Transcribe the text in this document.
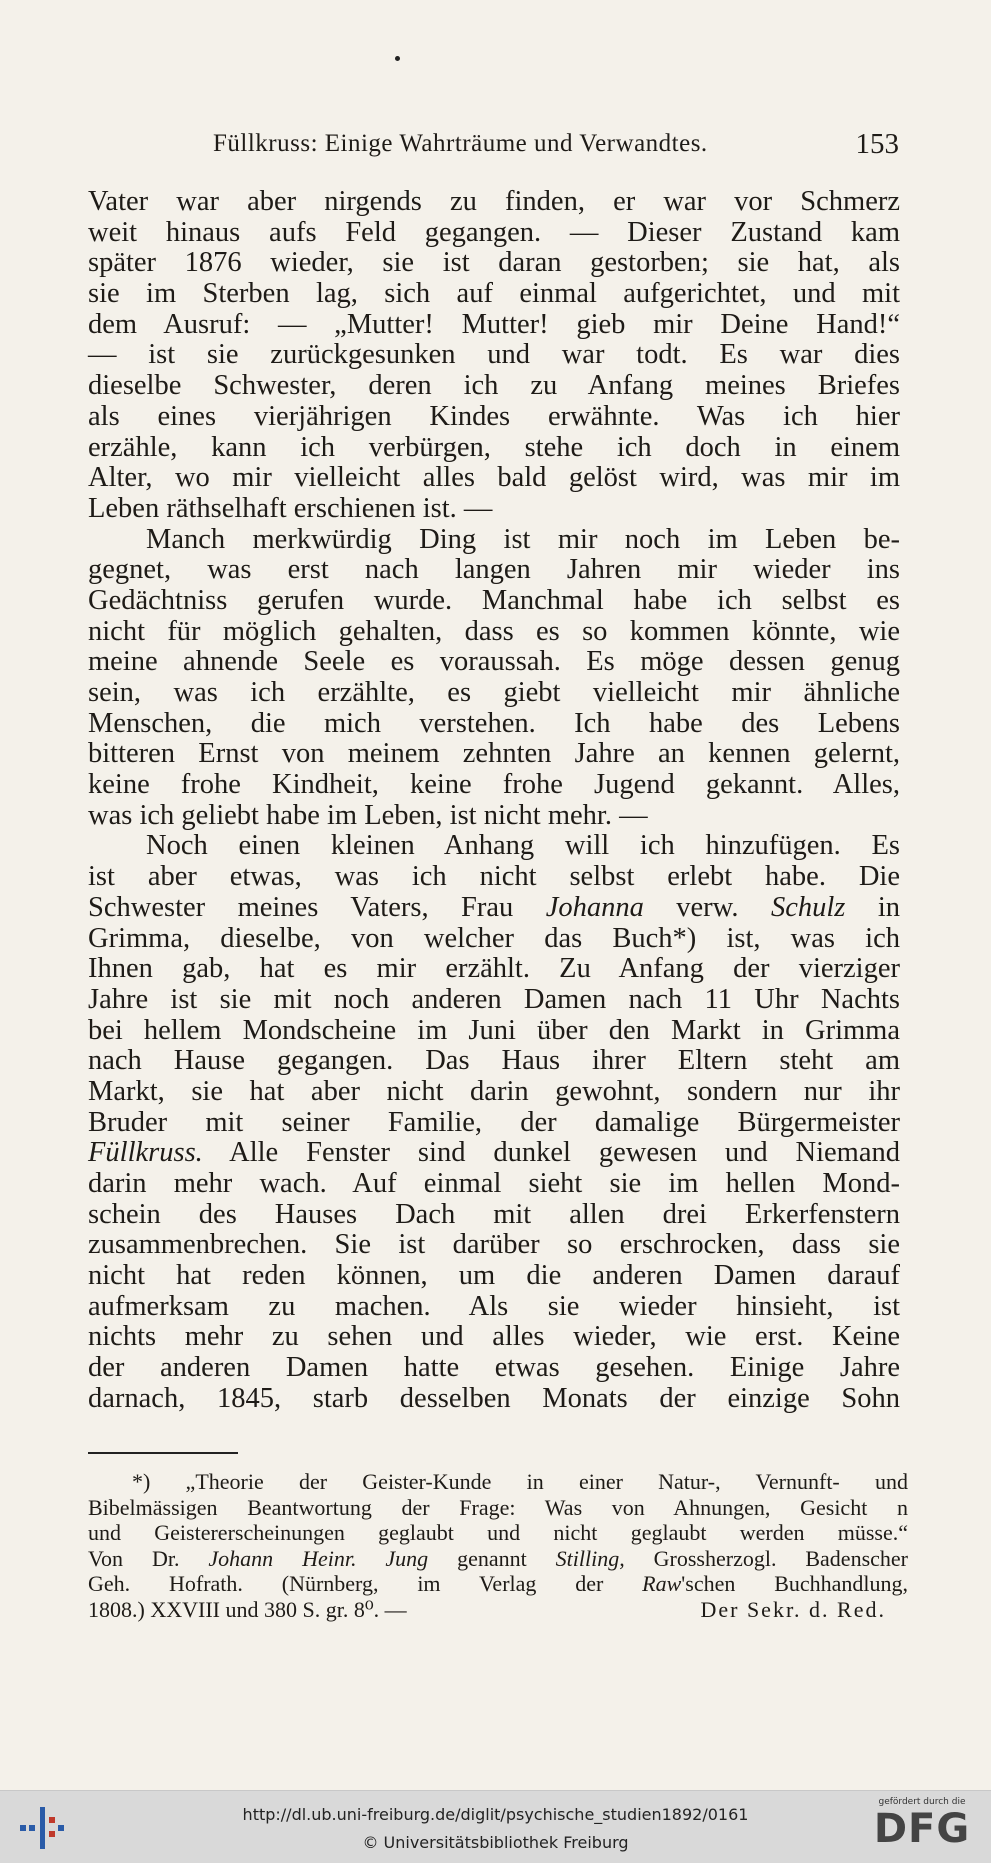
Füllkruss: Einige Wahrträume und Verwandtes.	153
Vater war aber nirgends zu finden, er war vor Schmerz
weit hinaus aufs Feld gegangen. — Dieser Zustand kam
später 1876 wieder, sie ist daran gestorben; sie hat, als
sie im Sterben lag, sich auf einmal aufgerichtet, und mit
dem Ausruf: — „Mutter! Mutter! gieb mir Deine Hand!“
— ist sie zurückgesunken und war todt. Es war dies
dieselbe Schwester, deren ich zu Anfang meines Briefes
als eines vierjährigen Kindes erwähnte. Was ich hier
erzähle, kann ich verbürgen, stehe ich doch in einem
Alter, wo mir vielleicht alles bald gelöst wird, was mir im
Leben räthselhaft erschienen ist. —
Manch merkwürdig Ding ist mir noch im Leben be-
gegnet, was erst nach langen Jahren mir wieder ins
Gedächtniss gerufen wurde. Manchmal habe ich selbst es
nicht für möglich gehalten, dass es so kommen könnte, wie
meine ahnende Seele es voraussah. Es möge dessen genug
sein, was ich erzählte, es giebt vielleicht mir ähnliche
Menschen, die mich verstehen. Ich habe des Lebens
bitteren Ernst von meinem zehnten Jahre an kennen gelernt,
keine frohe Kindheit, keine frohe Jugend gekannt. Alles,
was ich geliebt habe im Leben, ist nicht mehr. —
Noch einen kleinen Anhang will ich hinzufügen. Es
ist aber etwas, was ich nicht selbst erlebt habe. Die
Schwester meines Vaters, Frau Johanna verw. Schulz in
Grimma, dieselbe, von welcher das Buch*) ist, was ich
Ihnen gab, hat es mir erzählt. Zu Anfang der vierziger
Jahre ist sie mit noch anderen Damen nach 11 Uhr Nachts
bei hellem Mondscheine im Juni über den Markt in Grimma
nach Hause gegangen. Das Haus ihrer Eltern steht am
Markt, sie hat aber nicht darin gewohnt, sondern nur ihr
Bruder mit seiner Familie, der damalige Bürgermeister
Füllkruss. Alle Fenster sind dunkel gewesen und Niemand
darin mehr wach. Auf einmal sieht sie im hellen Mond-
schein des Hauses Dach mit allen drei Erkerfenstern
zusammenbrechen. Sie ist darüber so erschrocken, dass sie
nicht hat reden können, um die anderen Damen darauf
aufmerksam zu machen. Als sie wieder hinsieht, ist
nichts mehr zu sehen und alles wieder, wie erst. Keine
der anderen Damen hatte etwas gesehen. Einige Jahre
darnach, 1845, starb desselben Monats der einzige Sohn
*) „Theorie der Geister-Kunde in einer Natur-, Vernunft- und
Bibelmässigen Beantwortung der Frage: Was von Ahnungen, Gesicht n
und Geistererscheinungen geglaubt und nicht geglaubt werden müsse.“
Von Dr. Johann Heinr. Jung genannt Stilling, Grossherzogl. Badenscher
Geh. Hofrath. (Nürnberg, im Verlag der Raw'schen Buchhandlung,
1808.) XXVIII und 380 S. gr. 8⁰. —	Der Sekr. d. Red.
http://dl.ub.uni-freiburg.de/diglit/psychische_studien1892/0161
© Universitätsbibliothek Freiburg
gefördert durch die
DFG
